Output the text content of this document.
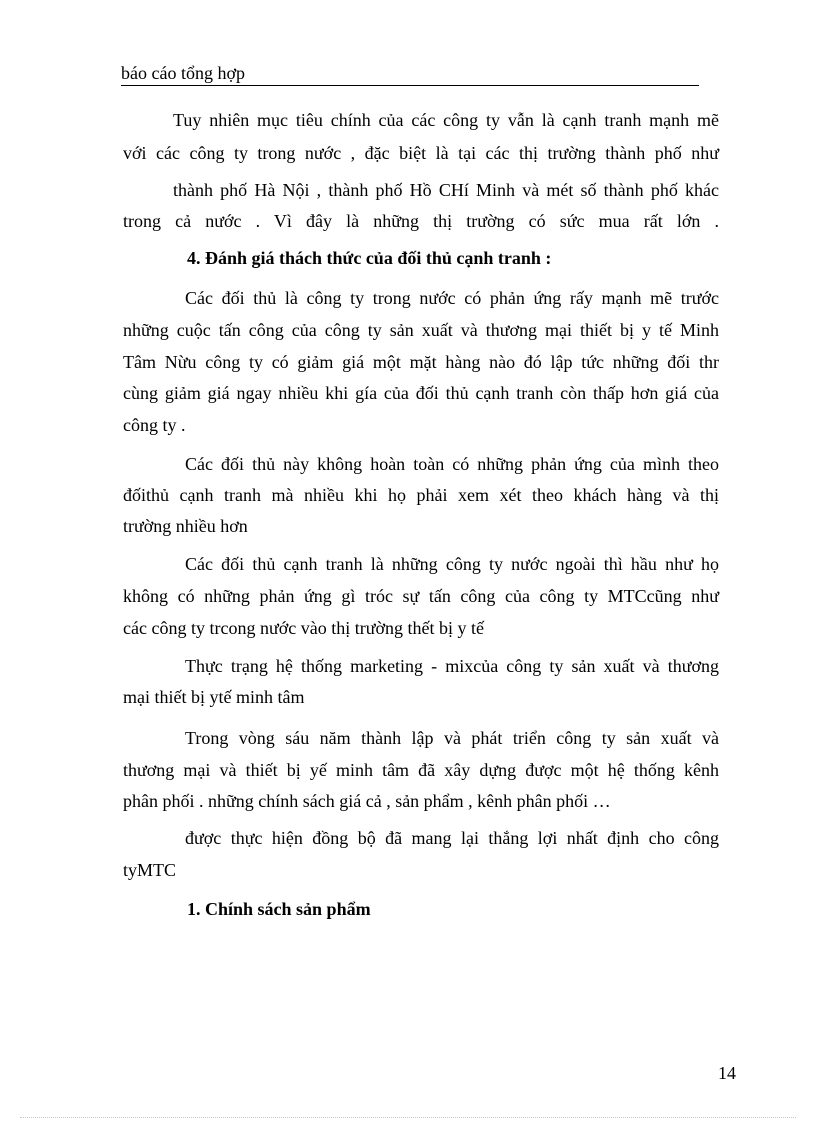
báo cáo tổng hợp
Tuy nhiên mục tiêu chính của các công ty vẫn là cạnh tranh mạnh mẽ
với các công ty trong nước , đặc biệt là tại các thị trường thành phố như
thành phố Hà Nội , thành phố Hồ CHí Minh và mét số thành phố khác
trong cả nước . Vì đây là những thị trường có sức mua rất lớn .
4. Đánh giá thách thức của đối thủ cạnh tranh :
Các đối thủ là công ty trong nước có phản ứng rấy mạnh mẽ trước
những cuộc tấn công của công ty sản xuất và thương mại thiết bị y tế Minh
Tâm Nừu công ty có giảm giá một mặt hàng nào đó lập tức những đối thr
cùng giảm giá ngay nhiều khi gía của đối thủ cạnh tranh còn thấp hơn giá của
công ty .
Các đối thủ này không hoàn toàn có những phản ứng của mình theo
đốithủ cạnh tranh mà nhiều khi họ phải xem xét theo khách hàng và thị
trường nhiều hơn
Các đối thủ cạnh tranh là những công ty nước ngoài thì hầu như họ
không có những phản ứng gì tróc sự tấn công của công ty MTCcũng như
các công ty trcong nước vào thị trường thết bị y tế
Thực trạng hệ thống marketing - mixcủa công ty sản xuất và thương
mại thiết bị ytế minh tâm
Trong vòng sáu năm thành lập và phát triển công ty sản xuất và
thương mại và thiết bị yế minh tâm đã xây dựng được một hệ thống kênh
phân phối . những chính sách giá cả , sản phẩm , kênh phân phối …
được thực hiện đồng bộ đã mang lại thắng lợi nhất định cho công
tyMTC
1. Chính sách sản phẩm
14
